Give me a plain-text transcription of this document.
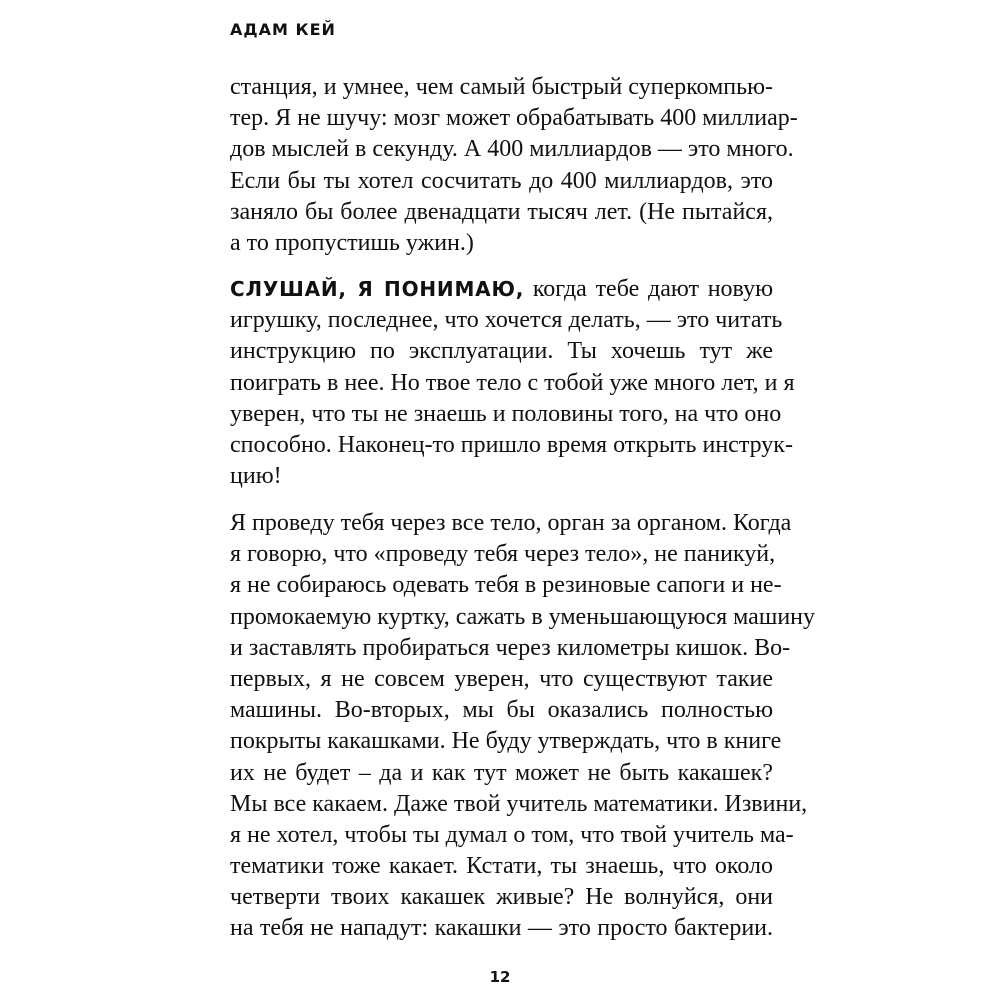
АДАМ КЕЙ
станция, и умнее, чем самый быстрый суперкомпью-
тер. Я не шучу: мозг может обрабатывать 400 миллиар-
дов мыслей в секунду. А 400 миллиардов — это много.
Если бы ты хотел сосчитать до 400 миллиардов, это
заняло бы более двенадцати тысяч лет. (Не пытайся,
а то пропустишь ужин.)
СЛУШАЙ, Я ПОНИМАЮ, когда тебе дают новую
игрушку, последнее, что хочется делать, — это читать
инструкцию по эксплуатации. Ты хочешь тут же
поиграть в нее. Но твое тело с тобой уже много лет, и я
уверен, что ты не знаешь и половины того, на что оно
способно. Наконец-то пришло время открыть инструк-
цию!
Я проведу тебя через все тело, орган за органом. Когда
я говорю, что «проведу тебя через тело», не паникуй,
я не собираюсь одевать тебя в резиновые сапоги и не-
промокаемую куртку, сажать в уменьшающуюся машину
и заставлять пробираться через километры кишок. Во-
первых, я не совсем уверен, что существуют такие
машины. Во-вторых, мы бы оказались полностью
покрыты какашками. Не буду утверждать, что в книге
их не будет – да и как тут может не быть какашек?
Мы все какаем. Даже твой учитель математики. Извини,
я не хотел, чтобы ты думал о том, что твой учитель ма-
тематики тоже какает. Кстати, ты знаешь, что около
четверти твоих какашек живые? Не волнуйся, они
на тебя не нападут: какашки — это просто бактерии.
12
